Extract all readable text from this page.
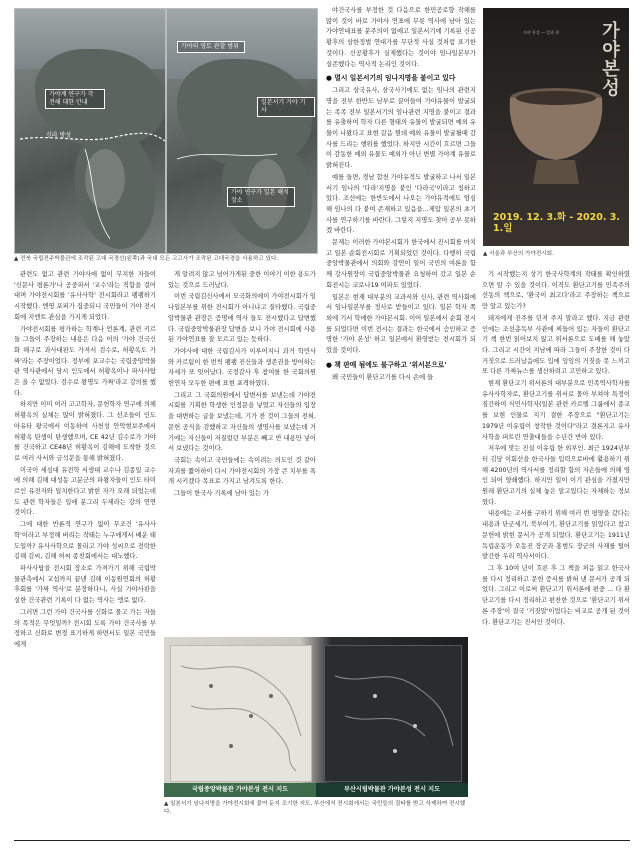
가야계 연구가 각 견해 대한 안내
신라 방성
가야의 영토 관할 범위
일본서기 가야 기사
가야 연구가 일본 해석 장소
▲ 전북 국립전주박물관에 조작된 고대 국경선(왼쪽)과 국내 모든 고고사가 조작된 고대국경을 사용하고 있다.

야건국사를 부정한 것 다음으로 한민공로향 작해를 많이 것이 바로 가야사 연표에 무릇 역사에 남아 있는 가야연대표를 분주의이 없애고 일본서기에 기록된 신공황후의 삼한정벌 연대가를 무단적 사실 것처럼 표기한 것이다. 신공황후가 실제했다는 것이야 임나일본부가 실존했다는 역사적 논리인 것이다.

● 멸시 일본서기의 임나지명을 붙이고 있다

그리고 삼국유사, 삼국사기에도 없는 임나의 관련지명을 전부 한반도 남부로 끌어들여 가야유물이 발굴되는 족족 전부 일본서기의 임나관련 지명을 붙이고 결과를 유출하여 학자 다른 형태의 유물이 발굴되면 예외 유물이 나왔다고 표현 같음 뭔데 예외 유물이 발굴될때 감사를 드리는 행위를 했었다. 하지만 시간이 흐르면 그들이 감동한 예외 유물도 예외가 아닌 변별 가야계 유물로 밝혀진다.

예를 들면, 경남 합천 가야유적도 발굴하고 나서 일본서기 임나의 '다라'지명을 붙인 '다라국'이라고 칭하고 있다. 조선에는 한반도에서 나오는 가야유적에도 엄심해 임나의 다 붙여 존재하고 있음을...제압 일본의 초기사를 연구하기를 바란다. 그렇지 지명도 찾아 공부 못하겠 바란다.

문제는 이러한 가야본시회가 한국에서 진시회를 마치고 일본 순회전시회로 기획되었던 것이다. 다행히 국립중앙박물관에서 의회와 강연이 일어 국민의 여론을 함께 강사원장이 국립중앙박물관 요청하여 갔고 일본 순회전시는 코로나19 여파도 있었다.

일본은 현재 대부분의 교과서와 신사, 관련 역사회에서 임나일본부를 정사로 받들이고 있다. 일본 학자 쪽 외에 기서 학에한 가야본시회. 이어 일본에서 순회 전시를 되었다면 이번 전시는 결과는 한국에서 승인하고 증명한 '가야 본성' 하고 일본에서 환영받는 전시회가 되었을 것이다.

● 책 판매 됨에도 불구하고 '위서본으로'

왜 국민들이 환단고기를 다시 손에 들

가야 본성 — 칼과 현	가야본성
2019. 12. 3.화 - 2020. 3. 1.일
▲ 서울과 부산의 가야전시회.

관련도 없고 관련 가야사에 없이 무지한 자들이 '신문사 평론가'나 공중파서 '교수'라는 직함을 걸어대며 가야전시회를 '유사사학' 전시회라고 팽팽하기 시작했다. 엔띵 포퍼가 집중되니 국민들이 가야 전시회에 지엔트 관심을 가지게 되었다.

가야전시회를 평가하는 학계나 언론계, 관련 키르들 그들이 주장하는 내용은 다음 어의 '가야 건국신화 해구로 과사대판도 가져서 검수로, 허황옥도 가짜'라는 주장이었다. 정부에 포교수는 국립중앙박물관 역사관에서 당시 인도에서 허황옥이나 파사사탑은 올 수 없었다. 검수로 왕명도 가짜'라고 강의를 했다.

하지만 이미 여러 고고학자, 문헌학자 연구에 의해 허황옥의 실체는 많이 밝혀졌다. 그 선조들이 인도 아유타 왕국에서 이동하여 사천성 안악현보주에서 허황옥 탄생이 탄생했으며, CE 42년 김수로가 가야를 건국하고 CE48년 허황옥이 김해에 도착한 것으로 여러 사서와 금석문을 통해 밝혀졌다.

미국이 세심대 유전학 서생대 교수나 김종일 교수에 의해 김해 대성동 고분군의 파왕자들이 인도 타미르인 유전자와 일치한다고 밝힌 자가 오래 되었는데도 관련 학자들은 입에 분그리 두세라는 강의 연연 것이다.

그에 대한 반론적 연구가 없이 무조건 '유사사학'이라고 부정해 버리는 작태는 누구에게서 배운 태도일까? 유사사학으로 몰리고 가야 성씨으로 전락한 김해 김씨, 김해 허씨 종친회에서는 대노했다.

파사사탑을 전시회 장소로 가져가기 위해 국립박물관측에서 교섭까지 끝낸 김해 이동원연회의 허황후회를 '가짜 역사'로 분장하다니, 사실 가야사판을 실한 건국관련 기록이 다 없는 역사는 앵로 없다.

그러면 그런 가야 건국사를 신화로 몰고 가는 자들의 목적은 무엇일까? 전시회 도록 가야 건국사를 부정하고 신화로 변경 표기하게 하면서도 일본 국민들에게

게 알려지 않고 넘어가게된 중한 이야기 이한 용도가 있는 것으로 드러났다.

이번 국립김신사에서 모국화의에이 가야전시회가 임나일본부를 위한 전시회가 아니냐고 질타했다. 국립중앙박물관 관장은 증명에 역사 들도 전시했다고 답변했다. 국립중앙박물관장 답변을 보니 가야 전시회에 사용된 가야연표를 잘 모르고 있는 듯하다.

가야사에 대한 국립김사가 이루어지니 과거 학민사와 카르팀이 한 번씩 팽팽 진신들과 생존권을 방어하는 자세가 또 잊어났다. 국정감사 후 참여를 한 국회의원 헌연자 모두한 편에 표현 포격하였다.

그리고 그 국회의원에서 답변서를 보낸는데 가야전시회를 기획한 학생한 인정문을 넣었고 자신들의 입장을 대변하는 글을 보냈는데, 기가 찬 것이 그들의 전혀, 문헌 공식을 검했하고 자신들의 생명사를 보냈는데 거기에는 자신들이 저질렀던 부분은 빼고 반 내용만 넣어서 보냈다는 것이다.

국회는 속이고 국민들에는 속이려는 의도인 것 같아 자괴를 짧아하이 다시 가야전시회의 가장 큰 치부를 폭개 시키겠다 목표로 가지고 남겨도록 한다.

그들이 한국사 기록에 남아 있는 가

기 시작했는지 상기 한국사학계의 작태를 확인하였으면 알 수 있을 것이다. 이직도 환단고기를 민족주의 선동의 책으로, '환국이 최고다'라고 주장하는 책으로만 알고 있는가?

돼지에게 진주를 던져 주지 말라고 했다. 지금 관련인에는 조선총독부 사관에 찌들어 있는 자들이 환단고기 책 한번 읽어보지 않고 위서론으로 도배를 해 놓았다. 그리고 시간이 지남에 따라 그들이 주장한 것이 다 거짓으로 드러났음에도 입에 잉잉의 거짓을 못 느끼고 또 다른 가짜뉴스를 생산하려고 고민하고 있다.

현재 환단고기 위서론의 대부분으로 민족역사학자를 유사사학자로, 환단고기를 위서로 몰아 부쳐야 특정이 짐간하여 식민사학자(일본 관련 카르텔 그룹에서 종교를 보현 인물로 지기 결한 주장으로 "환단고기는 1979년 이유립이 창작한 것이다"라고 결론지고 유사사학을 퍼트린 연출대들을 수년간 반아 있다.

저우에 맞는 진실 이유립 한 외부인. 최근 1924년부터 김당 이회선을 한국사들 입력으로바에 활용하기 위해 4200년의 역사서를 정리할 함의 자손들에 의해 영인 되어 양쇄했다. 하지만 일이 이기 관심을 가졌지만 원래 환단고기의 실체 놓은 알고있다는 자체하는 정보였다.

내용에는 고서를 구하기 위해 여러 번 평양을 갔다는 내용과 단군세기, 북부여기, 환단고기를 읽었다고 참고문헌에 밝힌 문서가 공개 되었다. 환단고기는 1911년 독립운동가 오동진 장군과 홍범도 장군의 사재를 털어 발간한 우리 역사서이다.

그 후 10여 년이 흐른 후 그 책을 처음 읽고 한국사를 다시 정리하고 문헌 증서를 밝혀 낸 문서가 공개 되었다. 그리고 이로써 환단고기 위서론에 편중 ... 다 환단고기를 다시 정리하고 편찬한 것으로 '환단고기 위서론 주장'이 결국 '거짓말'이었다는 비교로 공개 된 것이다. 환단고기는 진서인 것이다.

국립중앙박물관 가야본성 전시 지도	부산시립박물관 가야본성 전시 지도
▲ 일본서기 임나지명을 가야전시회에 붙여 둔지 조기한 지도, 부산에서 전시회에서는 국민들의 질타를 받고 삭제하여 전시했다.
